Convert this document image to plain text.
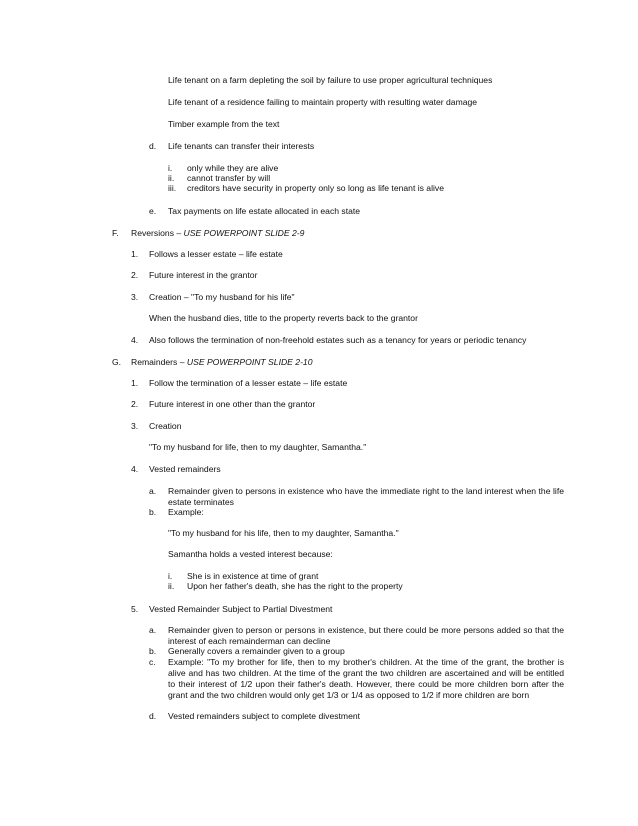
Life tenant on a farm depleting the soil by failure to use proper agricultural techniques
Life tenant of a residence failing to maintain property with resulting water damage
Timber example from the text
d. Life tenants can transfer their interests
i. only while they are alive
ii. cannot transfer by will
iii. creditors have security in property only so long as life tenant is alive
e. Tax payments on life estate allocated in each state
F. Reversions – USE POWERPOINT SLIDE 2-9
1. Follows a lesser estate – life estate
2. Future interest in the grantor
3. Creation – "To my husband for his life"
When the husband dies, title to the property reverts back to the grantor
4. Also follows the termination of non-freehold estates such as a tenancy for years or periodic tenancy
G. Remainders – USE POWERPOINT SLIDE 2-10
1. Follow the termination of a lesser estate – life estate
2. Future interest in one other than the grantor
3. Creation
"To my husband for life, then to my daughter, Samantha."
4. Vested remainders
a. Remainder given to persons in existence who have the immediate right to the land interest when the life estate terminates
b. Example:
"To my husband for his life, then to my daughter, Samantha."
Samantha holds a vested interest because:
i. She is in existence at time of grant
ii. Upon her father's death, she has the right to the property
5. Vested Remainder Subject to Partial Divestment
a. Remainder given to person or persons in existence, but there could be more persons added so that the interest of each remainderman can decline
b. Generally covers a remainder given to a group
c. Example: "To my brother for life, then to my brother's children. At the time of the grant, the brother is alive and has two children. At the time of the grant the two children are ascertained and will be entitled to their interest of 1/2 upon their father's death. However, there could be more children born after the grant and the two children would only get 1/3 or 1/4 as opposed to 1/2 if more children are born
d. Vested remainders subject to complete divestment
